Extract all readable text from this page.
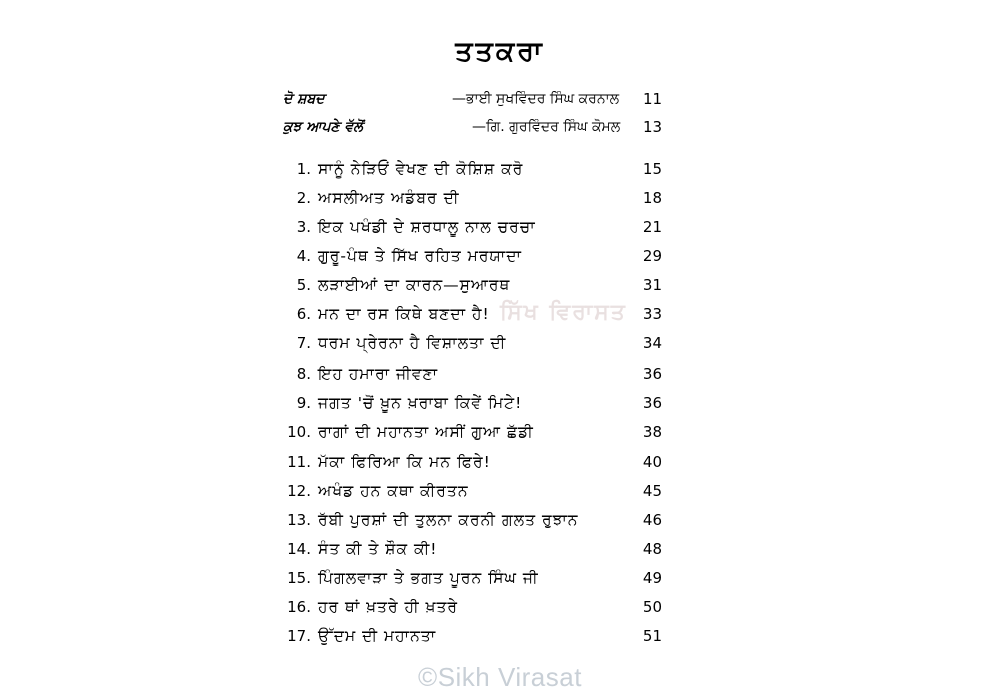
ਤਤਕਰਾ
ਦੋ ਸ਼ਬਦ	—ਭਾਈ ਸੁਖਵਿੰਦਰ ਸਿੰਘ ਕਰਨਾਲ 11
ਕੁਝ ਆਪਣੇ ਵੱਲੋਂ	—ਗਿ. ਗੁਰਵਿੰਦਰ ਸਿੰਘ ਕੋਮਲ 13
1. ਸਾਨੂੰ ਨੇੜਿਓਂ ਵੇਖਣ ਦੀ ਕੋਸ਼ਿਸ਼ ਕਰੋ	15
2. ਅਸਲੀਅਤ ਅਡੰਬਰ ਦੀ	18
3. ਇਕ ਪਖੰਡੀ ਦੇ ਸ਼ਰਧਾਲੂ ਨਾਲ ਚਰਚਾ	21
4. ਗੁਰੂ-ਪੰਥ ਤੇ ਸਿੱਖ ਰਹਿਤ ਮਰਯਾਦਾ	29
5. ਲੜਾਈਆਂ ਦਾ ਕਾਰਨ—ਸੁਆਰਥ	31
6. ਮਨ ਦਾ ਰਸ ਕਿਥੇ ਬਣਦਾ ਹੈ!	33
7. ਧਰਮ ਪ੍ਰੇਰਨਾ ਹੈ ਵਿਸ਼ਾਲਤਾ ਦੀ	34
8. ਇਹ ਹਮਾਰਾ ਜੀਵਣਾ	36
9. ਜਗਤ 'ਚੋਂ ਖ਼ੂਨ ਖ਼ਰਾਬਾ ਕਿਵੇਂ ਮਿਟੇ!	36
10. ਰਾਗਾਂ ਦੀ ਮਹਾਨਤਾ ਅਸੀਂ ਗੁਆ ਛੱਡੀ	38
11. ਮੱਕਾ ਫਿਰਿਆ ਕਿ ਮਨ ਫਿਰੇ!	40
12. ਅਖੰਡ ਹਨ ਕਥਾ ਕੀਰਤਨ	45
13. ਰੱਬੀ ਪੁਰਸ਼ਾਂ ਦੀ ਤੁਲਨਾ ਕਰਨੀ ਗਲਤ ਰੁਝਾਨ	46
14. ਸੰਤ ਕੀ ਤੇ ਸ਼ੌਕ ਕੀ!	48
15. ਪਿੰਗਲਵਾੜਾ ਤੇ ਭਗਤ ਪੂਰਨ ਸਿੰਘ ਜੀ	49
16. ਹਰ ਥਾਂ ਖ਼ਤਰੇ ਹੀ ਖ਼ਤਰੇ	50
17. ਉੱਦਮ ਦੀ ਮਹਾਨਤਾ	51
ਸਿੱਖ ਵਿਰਾਸਤ
©Sikh Virasat
